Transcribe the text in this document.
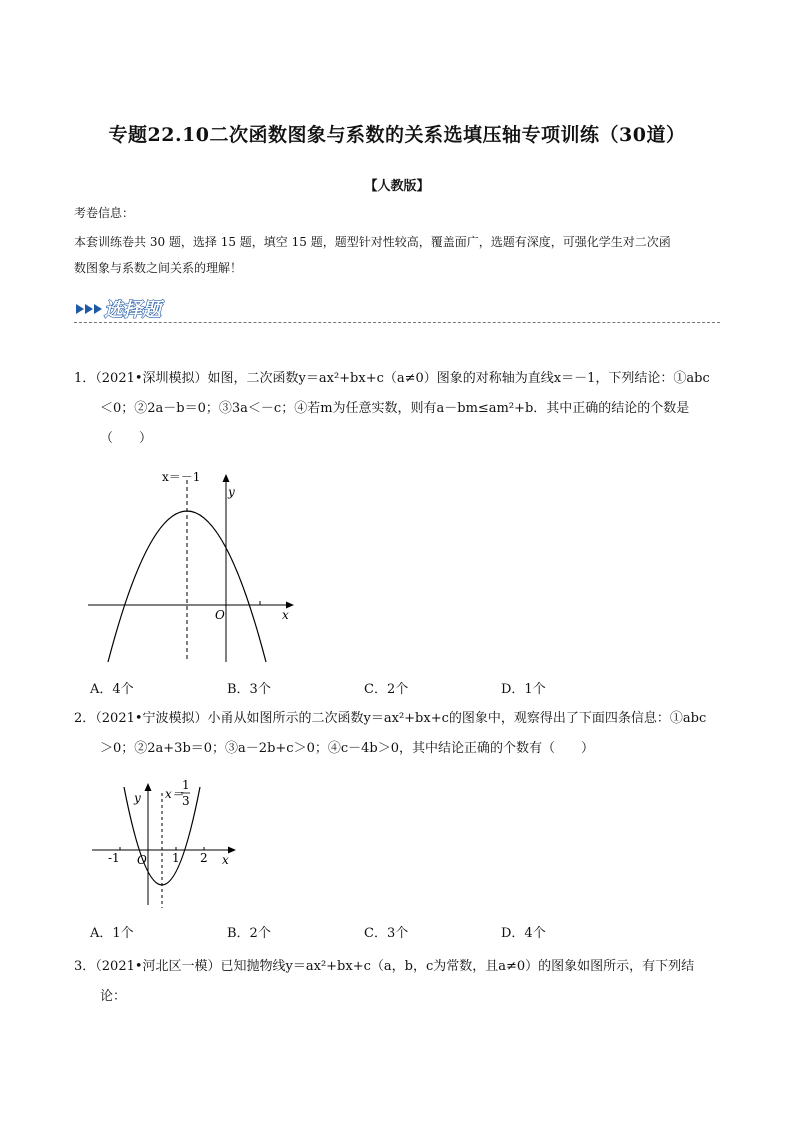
专题22.10二次函数图象与系数的关系选填压轴专项训练（30道）
【人教版】
考卷信息：
本套训练卷共 30 题，选择 15 题，填空 15 题，题型针对性较高，覆盖面广，选题有深度，可强化学生对二次函
数图象与系数之间关系的理解！
选择题
1．（2021•深圳模拟）如图，二次函数y＝ax²+bx+c（a≠0）图象的对称轴为直线x＝－1，下列结论：①abc
＜0；②2a－b＝0；③3a＜－c；④若m为任意实数，则有a－bm≤am²+b．其中正确的结论的个数是
（　　）
x＝－1
y
x
O
A．4个	B．3个	C．2个	D．1个
2．（2021•宁波模拟）小甬从如图所示的二次函数y＝ax²+bx+c的图象中，观察得出了下面四条信息：①abc
＞0；②2a+3b＝0；③a－2b+c＞0；④c－4b＞0，其中结论正确的个数有（　　）
x＝
1
3
y
x
O
-1	1 2
A．1个	B．2个	C．3个	D．4个
3．（2021•河北区一模）已知抛物线y＝ax²+bx+c（a，b，c为常数，且a≠0）的图象如图所示，有下列结
论：
